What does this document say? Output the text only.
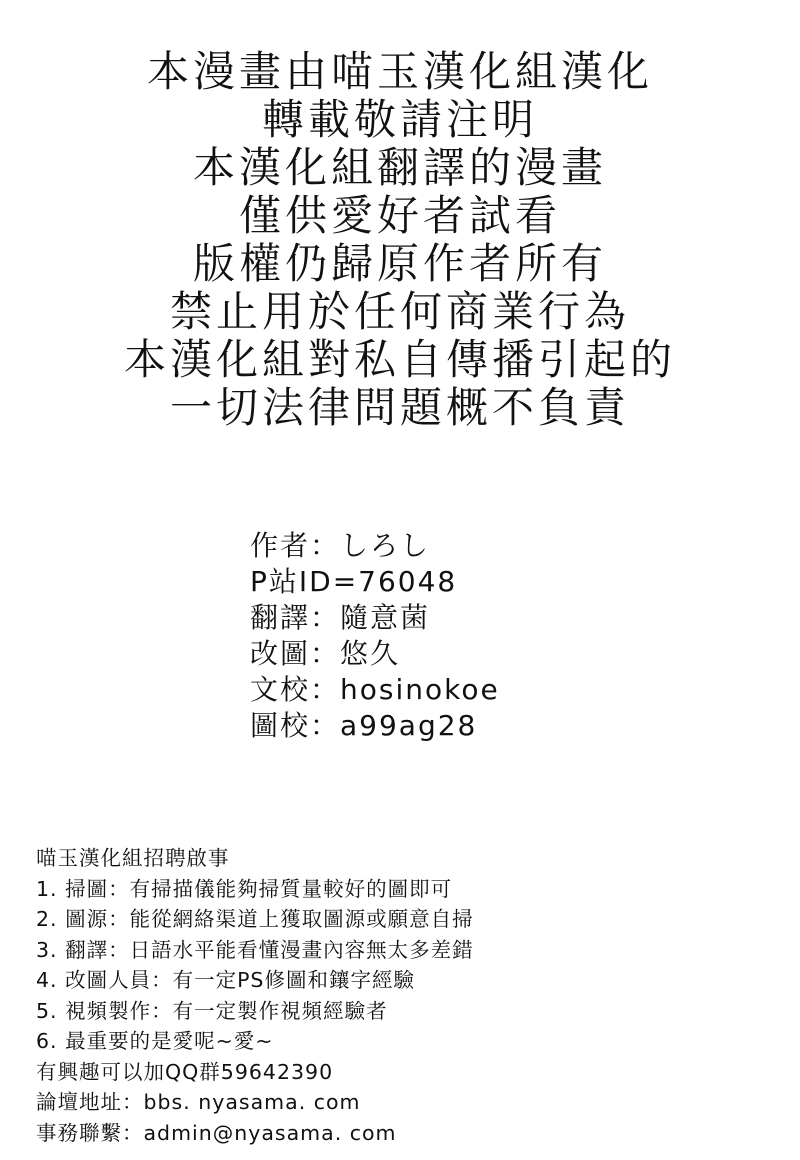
本漫畫由喵玉漢化組漢化
轉載敬請注明
本漢化組翻譯的漫畫
僅供愛好者試看
版權仍歸原作者所有
禁止用於任何商業行為
本漢化組對私自傳播引起的
一切法律問題概不負責
作者：しろし
P站ID=76048
翻譯：隨意菌
改圖：悠久
文校：hosinokoe
圖校：a99ag28
喵玉漢化組招聘啟事
1. 掃圖：有掃描儀能夠掃質量較好的圖即可
2. 圖源：能從網絡渠道上獲取圖源或願意自掃
3. 翻譯：日語水平能看懂漫畫內容無太多差錯
4. 改圖人員：有一定PS修圖和鑲字經驗
5. 視頻製作：有一定製作視頻經驗者
6. 最重要的是愛呢~愛~
有興趣可以加QQ群59642390
論壇地址：bbs. nyasama. com
事務聯繫：admin@nyasama. com
